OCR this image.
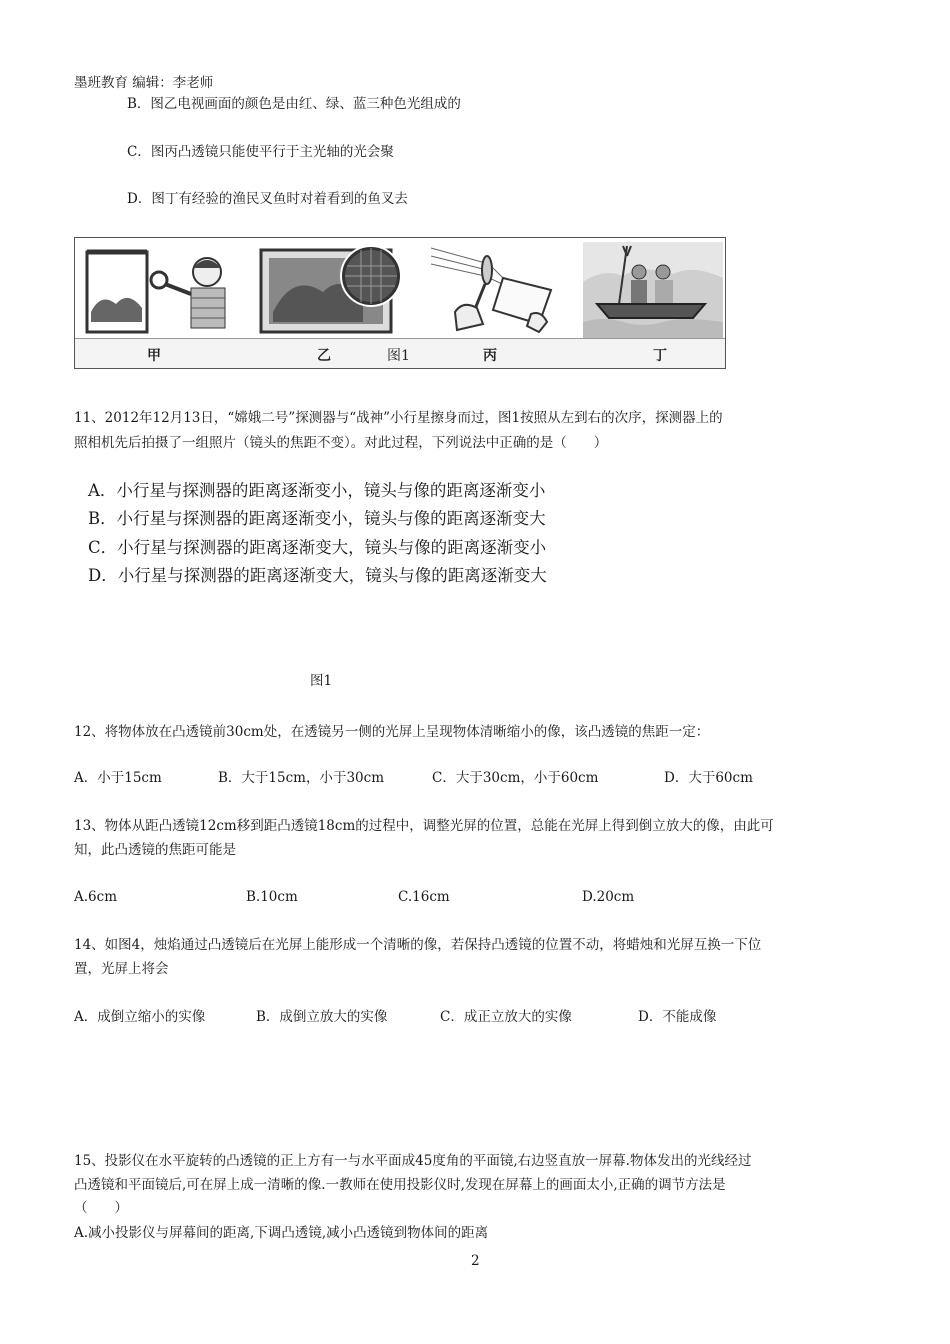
墨班教育 编辑：李老师
B．图乙电视画面的颜色是由红、绿、蓝三种色光组成的
C．图丙凸透镜只能使平行于主光轴的光会聚
D．图丁有经验的渔民叉鱼时对着看到的鱼叉去
甲	乙	图1	丙	丁
11、2012年12月13日，“嫦娥二号”探测器与“战神”小行星擦身而过，图1按照从左到右的次序，探测器上的
照相机先后拍摄了一组照片（镜头的焦距不变）。对此过程，下列说法中正确的是（　　）
A．小行星与探测器的距离逐渐变小，镜头与像的距离逐渐变小
B．小行星与探测器的距离逐渐变小，镜头与像的距离逐渐变大
C．小行星与探测器的距离逐渐变大，镜头与像的距离逐渐变小
D．小行星与探测器的距离逐渐变大，镜头与像的距离逐渐变大
图1
12、将物体放在凸透镜前30cm处，在透镜另一侧的光屏上呈现物体清晰缩小的像，该凸透镜的焦距一定：
A．小于15cm	B．大于15cm，小于30cm	C．大于30cm，小于60cm	D．大于60cm
13、物体从距凸透镜12cm移到距凸透镜18cm的过程中，调整光屏的位置，总能在光屏上得到倒立放大的像，由此可
知，此凸透镜的焦距可能是
A.6cm	B.10cm	C.16cm	D.20cm
14、如图4，烛焰通过凸透镜后在光屏上能形成一个清晰的像，若保持凸透镜的位置不动，将蜡烛和光屏互换一下位
置，光屏上将会
A．成倒立缩小的实像	B．成倒立放大的实像	C．成正立放大的实像	D．不能成像
15、投影仪在水平旋转的凸透镜的正上方有一与水平面成45度角的平面镜,右边竖直放一屏幕.物体发出的光线经过
凸透镜和平面镜后,可在屏上成一清晰的像.一教师在使用投影仪时,发现在屏幕上的画面太小,正确的调节方法是
（　　）
A.减小投影仪与屏幕间的距离,下调凸透镜,减小凸透镜到物体间的距离
2
